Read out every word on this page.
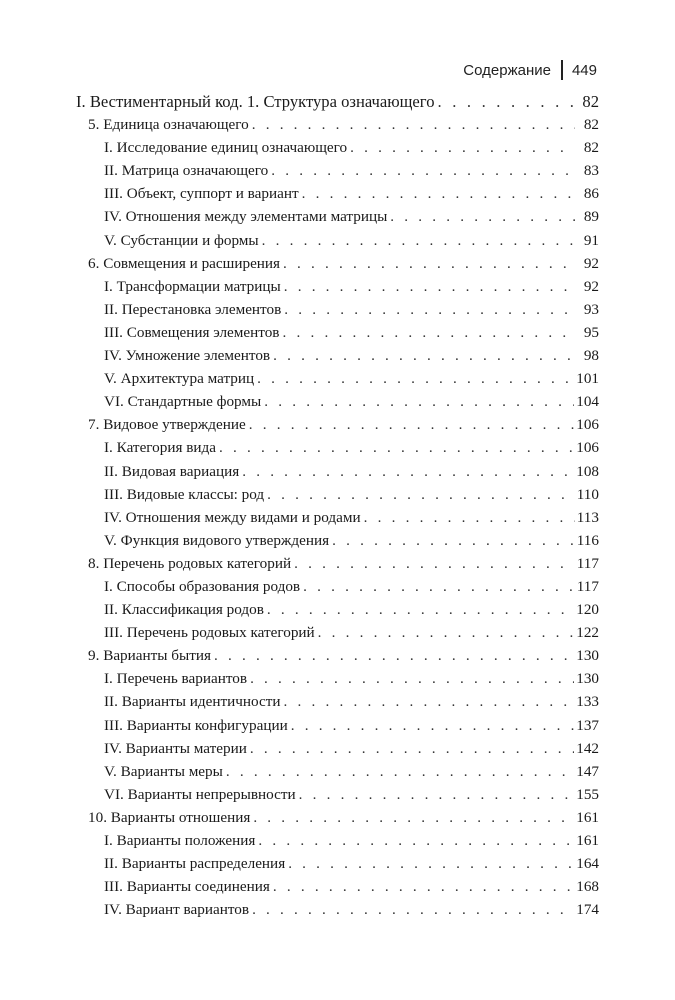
Содержание 449
I. Вестиментарный код. 1. Структура означающего . . .	82
5. Единица означающего . . .	82
I. Исследование единиц означающего . . .	82
II. Матрица означающего . . .	83
III. Объект, суппорт и вариант . . .	86
IV. Отношения между элементами матрицы . . .	89
V. Субстанции и формы . . .	91
6. Совмещения и расширения . . .	92
I. Трансформации матрицы . . .	92
II. Перестановка элементов . . .	93
III. Совмещения элементов . . .	95
IV. Умножение элементов . . .	98
V. Архитектура матриц . . .	101
VI. Стандартные формы . . .	104
7. Видовое утверждение . . .	106
I. Категория вида . . .	106
II. Видовая вариация . . .	108
III. Видовые классы: род . . .	110
IV. Отношения между видами и родами . . .	113
V. Функция видового утверждения . . .	116
8. Перечень родовых категорий . . .	117
I. Способы образования родов . . .	117
II. Классификация родов . . .	120
III. Перечень родовых категорий . . .	122
9. Варианты бытия . . .	130
I. Перечень вариантов . . .	130
II. Варианты идентичности . . .	133
III. Варианты конфигурации . . .	137
IV. Варианты материи . . .	142
V. Варианты меры . . .	147
VI. Варианты непрерывности . . .	155
10. Варианты отношения . . .	161
I. Варианты положения . . .	161
II. Варианты распределения . . .	164
III. Варианты соединения . . .	168
IV. Вариант вариантов . . .	174
